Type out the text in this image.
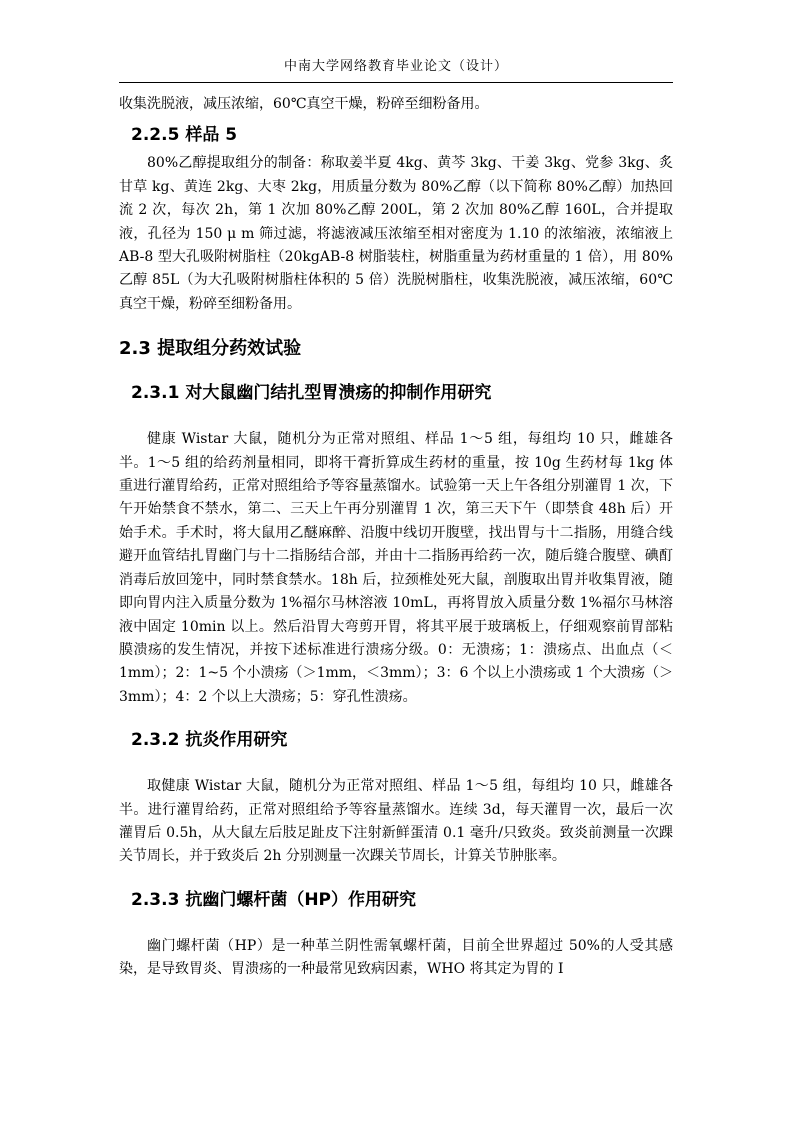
中南大学网络教育毕业论文（设计）

收集洗脱液，减压浓缩，60℃真空干燥，粉碎至细粉备用。

2.2.5 样品 5

80%乙醇提取组分的制备：称取姜半夏 4kg、黄芩 3kg、干姜 3kg、党参 3kg、炙甘草 kg、黄连 2kg、大枣 2kg，用质量分数为 80%乙醇（以下简称 80%乙醇）加热回流 2 次，每次 2h，第 1 次加 80%乙醇 200L，第 2 次加 80%乙醇 160L，合并提取液，孔径为 150 μ m 筛过滤，将滤液减压浓缩至相对密度为 1.10 的浓缩液，浓缩液上 AB-8 型大孔吸附树脂柱（20kgAB-8 树脂装柱，树脂重量为药材重量的 1 倍），用 80%乙醇 85L（为大孔吸附树脂柱体积的 5 倍）洗脱树脂柱，收集洗脱液，减压浓缩，60℃真空干燥，粉碎至细粉备用。

2.3 提取组分药效试验
2.3.1 对大鼠幽门结扎型胃溃疡的抑制作用研究

健康 Wistar 大鼠，随机分为正常对照组、样品 1～5 组，每组均 10 只，雌雄各半。1～5 组的给药剂量相同，即将干膏折算成生药材的重量，按 10g 生药材每 1kg 体重进行灌胃给药，正常对照组给予等容量蒸馏水。试验第一天上午各组分别灌胃 1 次，下午开始禁食不禁水，第二、三天上午再分别灌胃 1 次，第三天下午（即禁食 48h 后）开始手术。手术时，将大鼠用乙醚麻醉、沿腹中线切开腹壁，找出胃与十二指肠，用缝合线避开血管结扎胃幽门与十二指肠结合部，并由十二指肠再给药一次，随后缝合腹壁、碘酊消毒后放回笼中，同时禁食禁水。18h 后，拉颈椎处死大鼠，剖腹取出胃并收集胃液，随即向胃内注入质量分数为 1%福尔马林溶液 10mL，再将胃放入质量分数 1%福尔马林溶液中固定 10min 以上。然后沿胃大弯剪开胃，将其平展于玻璃板上，仔细观察前胃部粘膜溃疡的发生情况，并按下述标准进行溃疡分级。0：无溃疡；1：溃疡点、出血点（＜1mm）；2：1~5 个小溃疡（＞1mm，＜3mm）；3：6 个以上小溃疡或 1 个大溃疡（＞3mm）；4：2 个以上大溃疡；5：穿孔性溃疡。

2.3.2 抗炎作用研究

取健康 Wistar 大鼠，随机分为正常对照组、样品 1～5 组，每组均 10 只，雌雄各半。进行灌胃给药，正常对照组给予等容量蒸馏水。连续 3d，每天灌胃一次，最后一次灌胃后 0.5h，从大鼠左后肢足趾皮下注射新鲜蛋清 0.1 毫升/只致炎。致炎前测量一次踝关节周长，并于致炎后 2h 分别测量一次踝关节周长，计算关节肿胀率。

2.3.3 抗幽门螺杆菌（HP）作用研究

幽门螺杆菌（HP）是一种革兰阴性需氧螺杆菌，目前全世界超过 50%的人受其感染，是导致胃炎、胃溃疡的一种最常见致病因素，WHO 将其定为胃的 I
